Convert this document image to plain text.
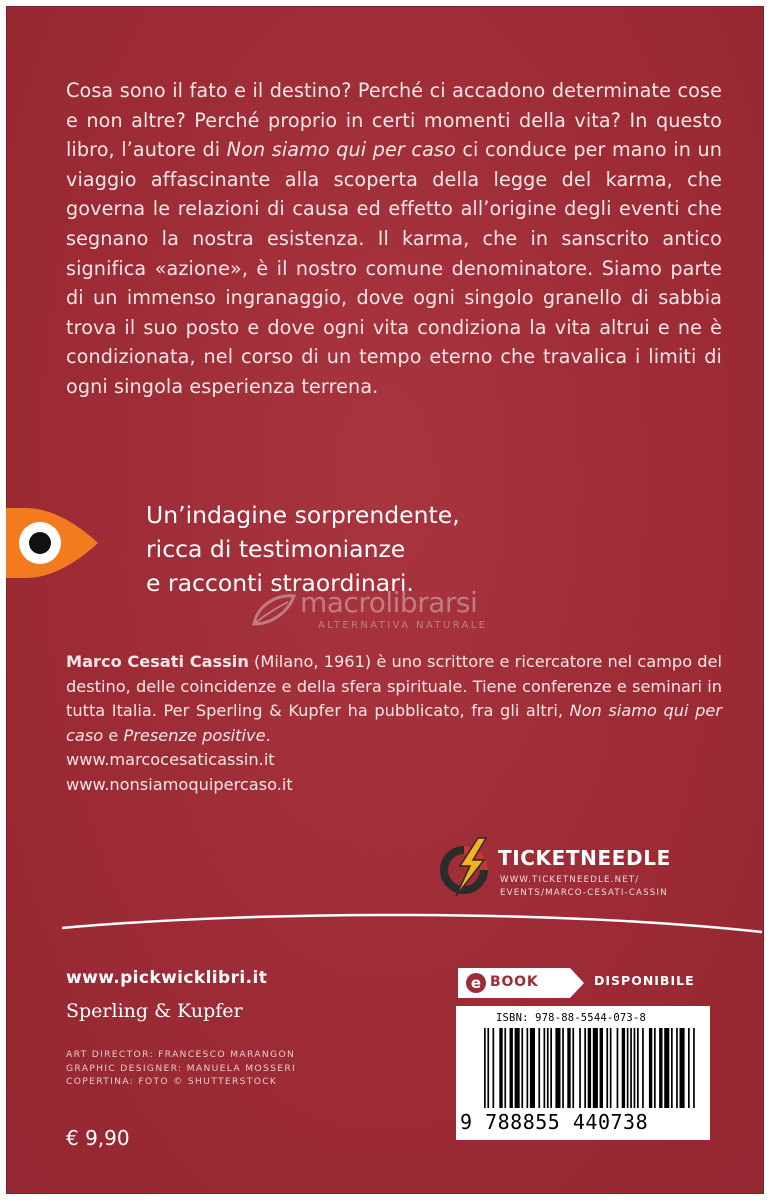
Cosa sono il fato e il destino? Perché ci accadono determinate cose e non altre? Perché proprio in certi momenti della vita? In questo libro, l’autore di Non siamo qui per caso ci conduce per mano in un viaggio affascinante alla scoperta della legge del karma, che governa le relazioni di causa ed effetto all’origine degli eventi che segnano la nostra esistenza. Il karma, che in sanscrito antico significa «azione», è il nostro comune denominatore. Siamo parte di un immenso ingranaggio, dove ogni singolo granello di sabbia trova il suo posto e dove ogni vita condiziona la vita altrui e ne è condizionata, nel corso di un tempo eterno che travalica i limiti di ogni singola esperienza terrena.

Un’indagine sorprendente,
ricca di testimonianze
e racconti straordinari.
macrolibrarsi
ALTERNATIVA NATURALE

Marco Cesati Cassin (Milano, 1961) è uno scrittore e ricercatore nel campo del destino, delle coincidenze e della sfera spirituale. Tiene conferenze e seminari in tutta Italia. Per Sperling & Kupfer ha pubblicato, fra gli altri, Non siamo qui per caso e Presenze positive.

www.marcocesaticassin.it
www.nonsiamoquipercaso.it
TICKETNEEDLE
WWW.TICKETNEEDLE.NET/
EVENTS/MARCO-CESATI-CASSIN
www.pickwicklibri.it
Sperling & Kupfer
ART DIRECTOR: FRANCESCO MARANGON
GRAPHIC DESIGNER: MANUELA MOSSERI
COPERTINA: FOTO © SHUTTERSTOCK
€ 9,90
e BOOK	DISPONIBILE
ISBN: 978-88-5544-073-8
9 788855 440738
